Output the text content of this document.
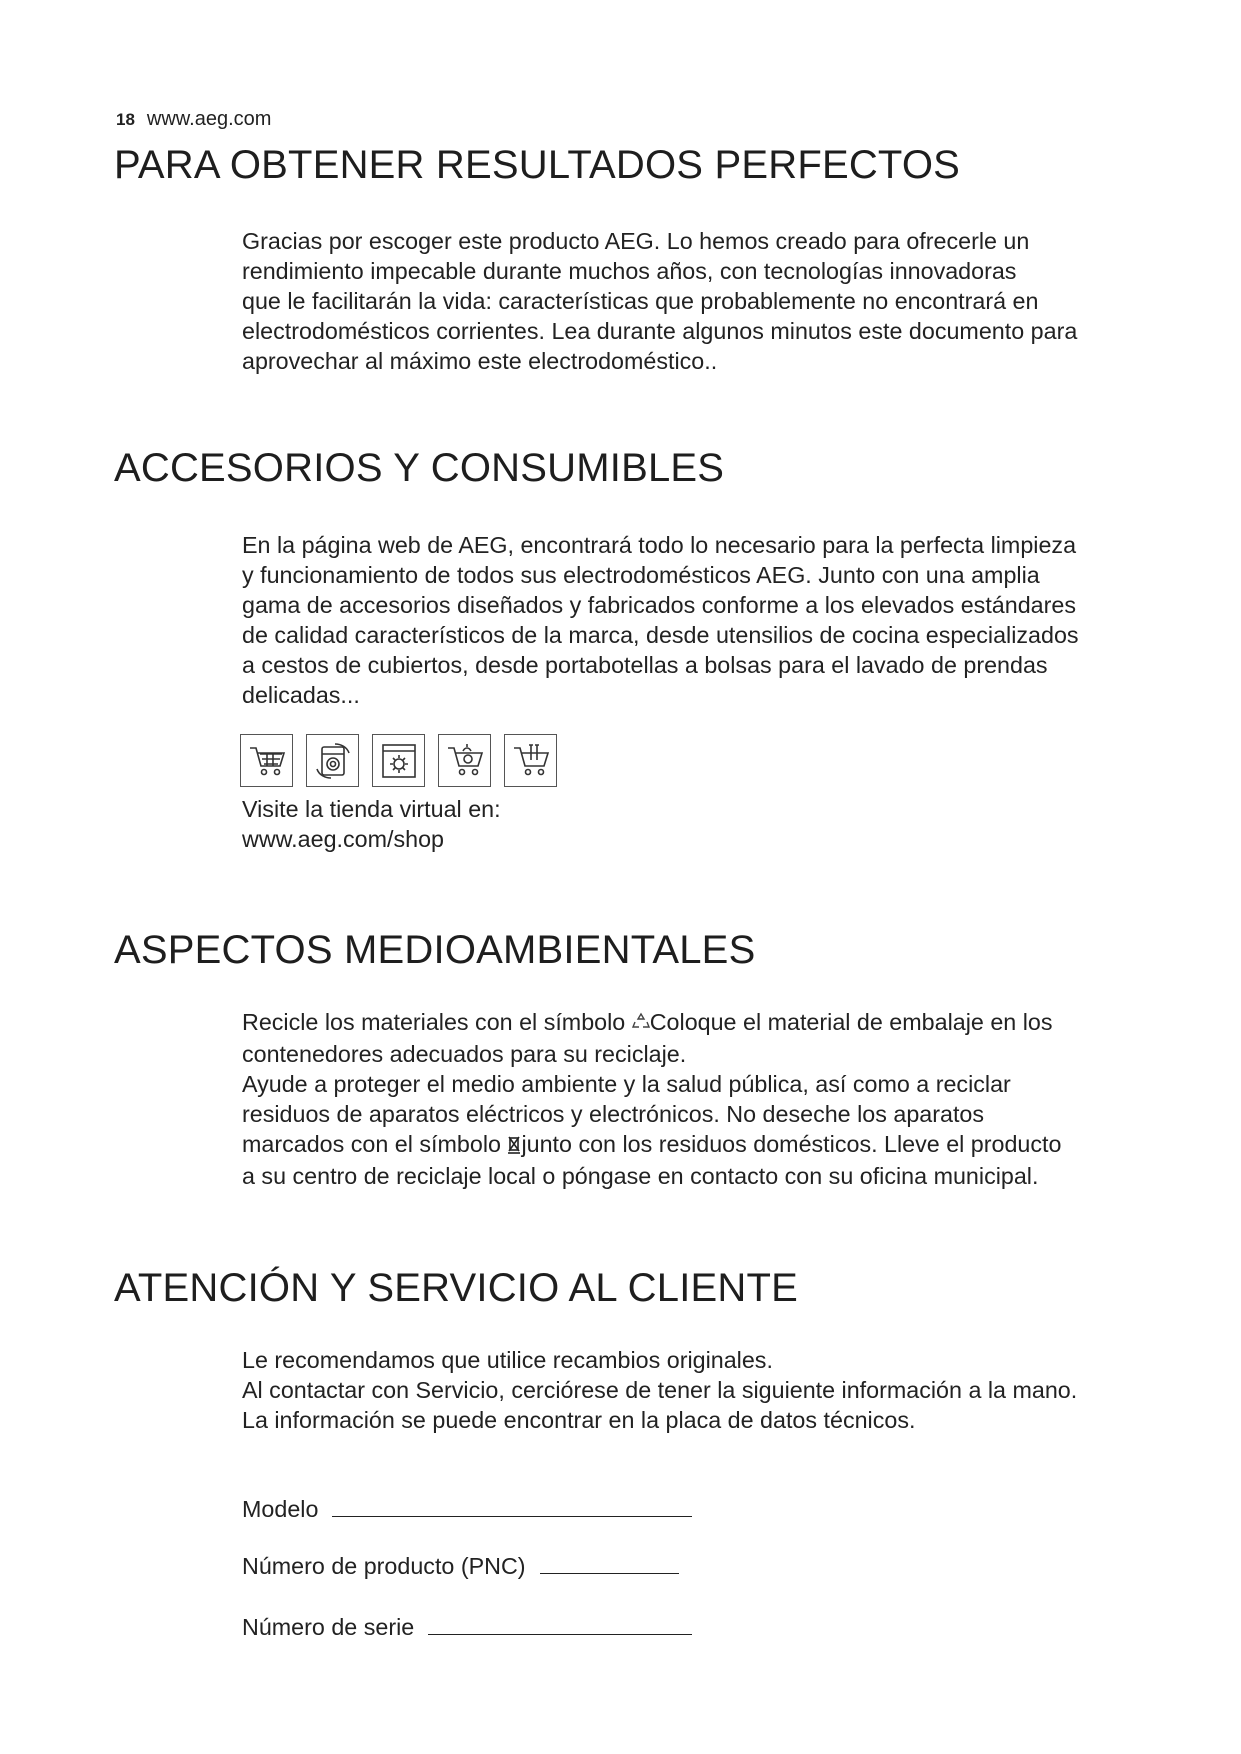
18 www.aeg.com
PARA OBTENER RESULTADOS PERFECTOS

Gracias por escoger este producto AEG. Lo hemos creado para ofrecerle un
rendimiento impecable durante muchos años, con tecnologías innovadoras
que le facilitarán la vida: características que probablemente no encontrará en
electrodomésticos corrientes. Lea durante algunos minutos este documento para
aprovechar al máximo este electrodoméstico..

ACCESORIOS Y CONSUMIBLES

En la página web de AEG, encontrará todo lo necesario para la perfecta limpieza
y funcionamiento de todos sus electrodomésticos AEG. Junto con una amplia
gama de accesorios diseñados y fabricados conforme a los elevados estándares
de calidad característicos de la marca, desde utensilios de cocina especializados
a cestos de cubiertos, desde portabotellas a bolsas para el lavado de prendas
delicadas...

Visite la tienda virtual en:
www.aeg.com/shop

ASPECTOS MEDIOAMBIENTALES

Recicle los materiales con el símbolo Coloque el material de embalaje en los
contenedores adecuados para su reciclaje.
Ayude a proteger el medio ambiente y la salud pública, así como a reciclar
residuos de aparatos eléctricos y electrónicos. No deseche los aparatos
marcados con el símbolo junto con los residuos domésticos. Lleve el producto
a su centro de reciclaje local o póngase en contacto con su oficina municipal.

ATENCIÓN Y SERVICIO AL CLIENTE

Le recomendamos que utilice recambios originales.
Al contactar con Servicio, cerciórese de tener la siguiente información a la mano.
La información se puede encontrar en la placa de datos técnicos.

Modelo
Número de producto (PNC)
Número de serie
